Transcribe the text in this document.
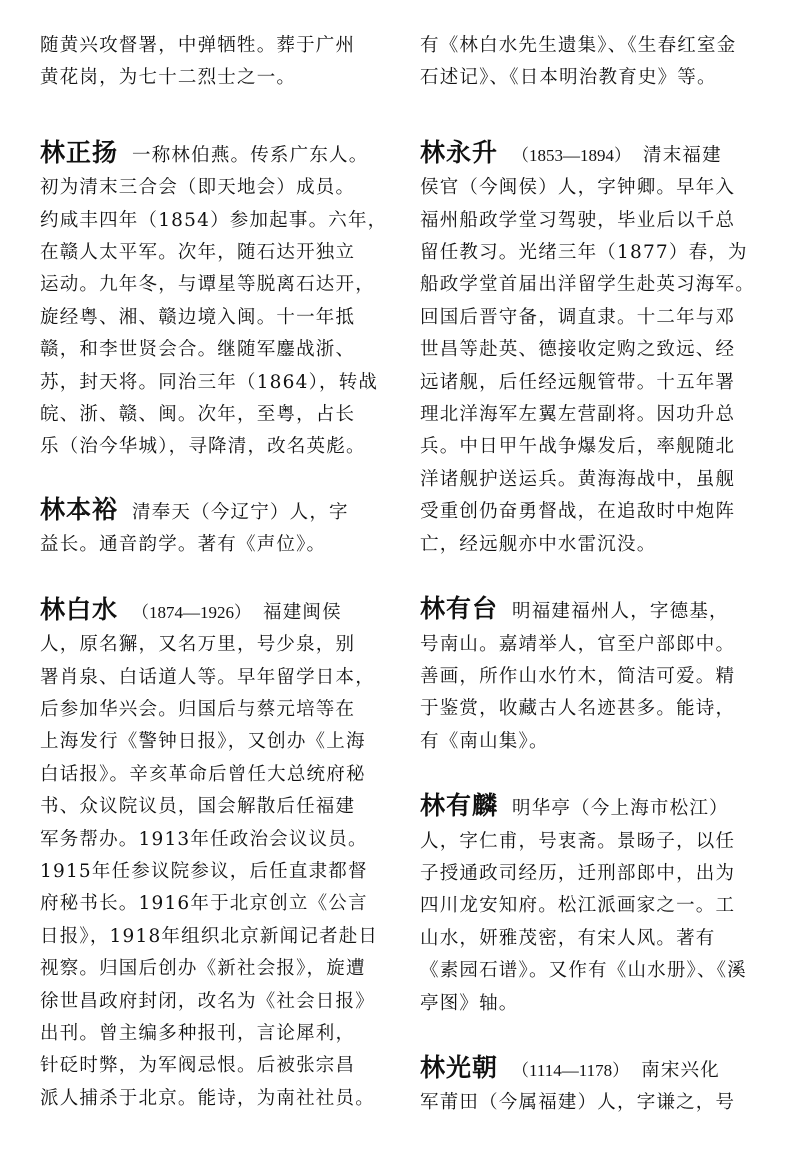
随黄兴攻督署，中弹牺牲。葬于广州
黄花岗，为七十二烈士之一。
林正扬 一称林伯燕。传系广东人。
初为清末三合会（即天地会）成员。
约咸丰四年（1854）参加起事。六年，
在赣人太平军。次年，随石达开独立
运动。九年冬，与谭星等脱离石达开，
旋经粤、湘、赣边境入闽。十一年抵
赣，和李世贤会合。继随军鏖战浙、
苏，封天将。同治三年（1864），转战
皖、浙、赣、闽。次年，至粤，占长
乐（治今华城），寻降清，改名英彪。
林本裕 清奉天（今辽宁）人，字
益长。通音韵学。著有《声位》。
林白水 （1874—1926） 福建闽侯
人，原名獬，又名万里，号少泉，别
署肖泉、白话道人等。早年留学日本，
后参加华兴会。归国后与蔡元培等在
上海发行《警钟日报》，又创办《上海
白话报》。辛亥革命后曾任大总统府秘
书、众议院议员，国会解散后任福建
军务帮办。1913年任政治会议议员。
1915年任参议院参议，后任直隶都督
府秘书长。1916年于北京创立《公言
日报》，1918年组织北京新闻记者赴日
视察。归国后创办《新社会报》，旋遭
徐世昌政府封闭，改名为《社会日报》
出刊。曾主编多种报刊，言论犀利，
针砭时弊，为军阀忌恨。后被张宗昌
派人捕杀于北京。能诗，为南社社员。
有《林白水先生遗集》、《生春红室金
石述记》、《日本明治教育史》等。
林永升 （1853—1894） 清末福建
侯官（今闽侯）人，字钟卿。早年入
福州船政学堂习驾驶，毕业后以千总
留任教习。光绪三年（1877）春，为
船政学堂首届出洋留学生赴英习海军。
回国后晋守备，调直隶。十二年与邓
世昌等赴英、德接收定购之致远、经
远诸舰，后任经远舰管带。十五年署
理北洋海军左翼左营副将。因功升总
兵。中日甲午战争爆发后，率舰随北
洋诸舰护送运兵。黄海海战中，虽舰
受重创仍奋勇督战，在追敌时中炮阵
亡，经远舰亦中水雷沉没。
林有台 明福建福州人，字德基，
号南山。嘉靖举人，官至户部郎中。
善画，所作山水竹木，简洁可爱。精
于鉴赏，收藏古人名迹甚多。能诗，
有《南山集》。
林有麟 明华亭（今上海市松江）
人，字仁甫，号衷斋。景旸子，以任
子授通政司经历，迁刑部郎中，出为
四川龙安知府。松江派画家之一。工
山水，妍雅茂密，有宋人风。著有
《素园石谱》。又作有《山水册》、《溪
亭图》轴。
林光朝 （1114—1178） 南宋兴化
军莆田（今属福建）人，字谦之，号
